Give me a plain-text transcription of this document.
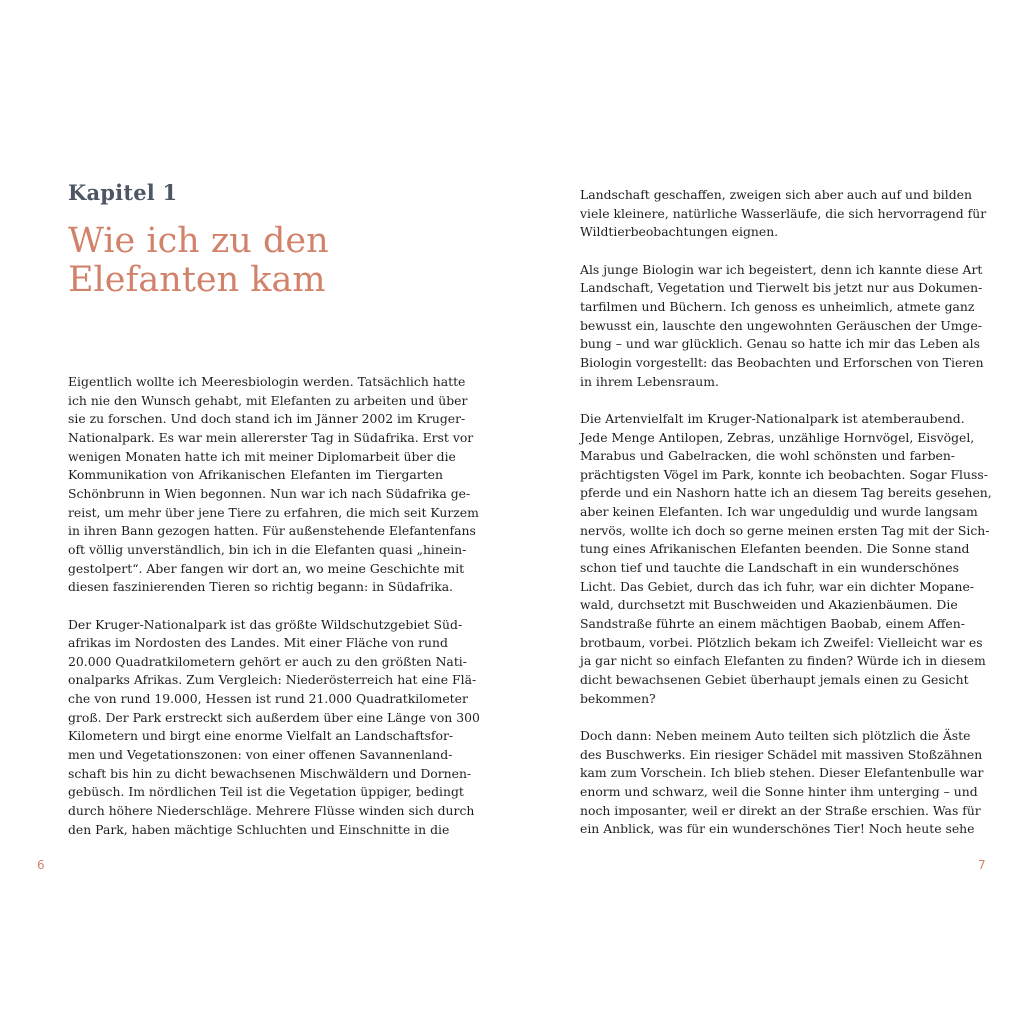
Kapitel 1
Wie ich zu den
Elefanten kam

Eigentlich wollte ich Meeresbiologin werden. Tatsächlich hatte
ich nie den Wunsch gehabt, mit Elefanten zu arbeiten und über
sie zu forschen. Und doch stand ich im Jänner 2002 im Kruger-
Nationalpark. Es war mein allererster Tag in Südafrika. Erst vor
wenigen Monaten hatte ich mit meiner Diplomarbeit über die
Kommunikation von Afrikanischen Elefanten im Tiergarten
Schönbrunn in Wien begonnen. Nun war ich nach Südafrika ge-
reist, um mehr über jene Tiere zu erfahren, die mich seit Kurzem
in ihren Bann gezogen hatten. Für außenstehende Elefantenfans
oft völlig unverständlich, bin ich in die Elefanten quasi „hinein-
gestolpert“. Aber fangen wir dort an, wo meine Geschichte mit
diesen faszinierenden Tieren so richtig begann: in Südafrika.

Der Kruger-Nationalpark ist das größte Wildschutzgebiet Süd-
afrikas im Nordosten des Landes. Mit einer Fläche von rund
20.000 Quadratkilometern gehört er auch zu den größten Nati-
onalparks Afrikas. Zum Vergleich: Niederösterreich hat eine Flä-
che von rund 19.000, Hessen ist rund 21.000 Quadratkilometer
groß. Der Park erstreckt sich außerdem über eine Länge von 300
Kilometern und birgt eine enorme Vielfalt an Landschaftsfor-
men und Vegetationszonen: von einer offenen Savannenland-
schaft bis hin zu dicht bewachsenen Mischwäldern und Dornen-
gebüsch. Im nördlichen Teil ist die Vegetation üppiger, bedingt
durch höhere Niederschläge. Mehrere Flüsse winden sich durch
den Park, haben mächtige Schluchten und Einschnitte in die

6

Landschaft geschaffen, zweigen sich aber auch auf und bilden
viele kleinere, natürliche Wasserläufe, die sich hervorragend für
Wildtierbeobachtungen eignen.

Als junge Biologin war ich begeistert, denn ich kannte diese Art
Landschaft, Vegetation und Tierwelt bis jetzt nur aus Dokumen-
tarfilmen und Büchern. Ich genoss es unheimlich, atmete ganz
bewusst ein, lauschte den ungewohnten Geräuschen der Umge-
bung – und war glücklich. Genau so hatte ich mir das Leben als
Biologin vorgestellt: das Beobachten und Erforschen von Tieren
in ihrem Lebensraum.

Die Artenvielfalt im Kruger-Nationalpark ist atemberaubend.
Jede Menge Antilopen, Zebras, unzählige Hornvögel, Eisvögel,
Marabus und Gabelracken, die wohl schönsten und farben-
prächtigsten Vögel im Park, konnte ich beobachten. Sogar Fluss-
pferde und ein Nashorn hatte ich an diesem Tag bereits gesehen,
aber keinen Elefanten. Ich war ungeduldig und wurde langsam
nervös, wollte ich doch so gerne meinen ersten Tag mit der Sich-
tung eines Afrikanischen Elefanten beenden. Die Sonne stand
schon tief und tauchte die Landschaft in ein wunderschönes
Licht. Das Gebiet, durch das ich fuhr, war ein dichter Mopane-
wald, durchsetzt mit Buschweiden und Akazienbäumen. Die
Sandstraße führte an einem mächtigen Baobab, einem Affen-
brotbaum, vorbei. Plötzlich bekam ich Zweifel: Vielleicht war es
ja gar nicht so einfach Elefanten zu finden? Würde ich in diesem
dicht bewachsenen Gebiet überhaupt jemals einen zu Gesicht
bekommen?

Doch dann: Neben meinem Auto teilten sich plötzlich die Äste
des Buschwerks. Ein riesiger Schädel mit massiven Stoßzähnen
kam zum Vorschein. Ich blieb stehen. Dieser Elefantenbulle war
enorm und schwarz, weil die Sonne hinter ihm unterging – und
noch imposanter, weil er direkt an der Straße erschien. Was für
ein Anblick, was für ein wunderschönes Tier! Noch heute sehe

7
